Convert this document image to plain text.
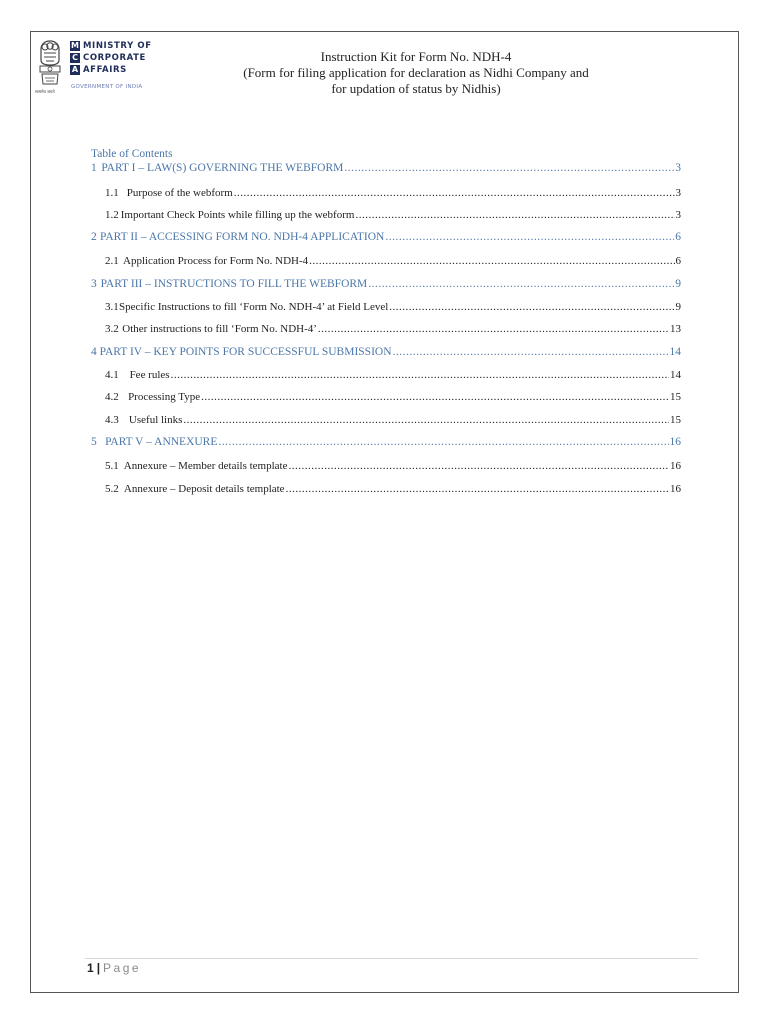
M MINISTRY OF
C CORPORATE
A AFFAIRS
GOVERNMENT OF INDIA
सत्यमेव जयते
Instruction Kit for Form No. NDH-4
(Form for filing application for declaration as Nidhi Company and
for updation of status by Nidhis)
Table of Contents
1 PART I – LAW(S) GOVERNING THE WEBFORM .....	3
1.1 Purpose of the webform .....	3
1.2 Important Check Points while filling up the webform .....	3
2 PART II – ACCESSING FORM NO. NDH-4 APPLICATION .....	6
2.1 Application Process for Form No. NDH-4 .....	6
3 PART III – INSTRUCTIONS TO FILL THE WEBFORM .....	9
3.1 Specific Instructions to fill ‘Form No. NDH-4’ at Field Level .....	9
3.2 Other instructions to fill ‘Form No. NDH-4’ .....	13
4 PART IV – KEY POINTS FOR SUCCESSFUL SUBMISSION .....	14
4.1 Fee rules .....	14
4.2 Processing Type .....	15
4.3 Useful links .....	15
5 PART V – ANNEXURE .....	16
5.1 Annexure – Member details template .....	16
5.2 Annexure – Deposit details template .....	16
1 | Page
